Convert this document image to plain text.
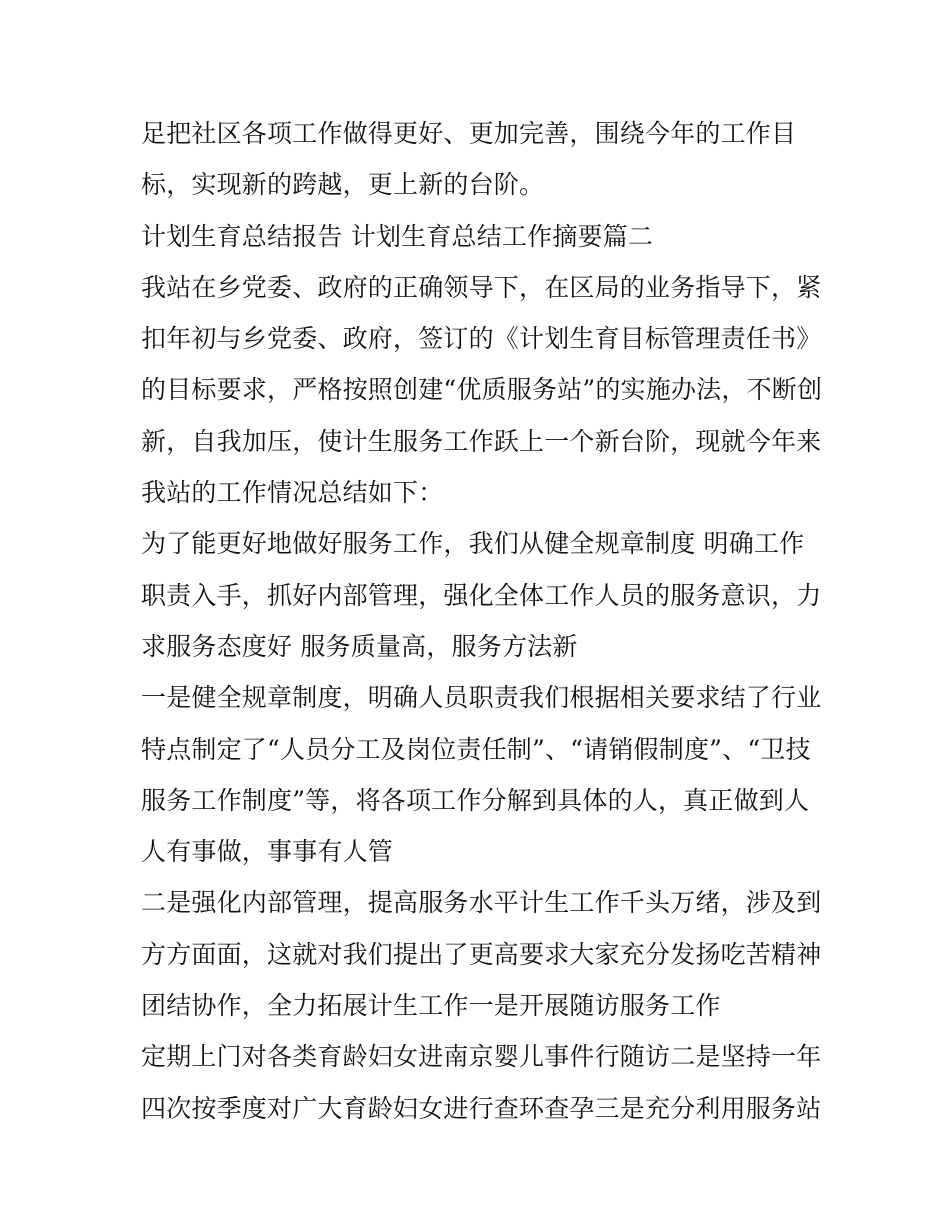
足把社区各项工作做得更好、更加完善，围绕今年的工作目
标，实现新的跨越，更上新的台阶。
计划生育总结报告 计划生育总结工作摘要篇二
我站在乡党委、政府的正确领导下，在区局的业务指导下，紧
扣年初与乡党委、政府，签订的《计划生育目标管理责任书》
的目标要求，严格按照创建“优质服务站”的实施办法，不断创
新，自我加压，使计生服务工作跃上一个新台阶，现就今年来
我站的工作情况总结如下：
为了能更好地做好服务工作，我们从健全规章制度 明确工作
职责入手，抓好内部管理，强化全体工作人员的服务意识，力
求服务态度好 服务质量高，服务方法新
一是健全规章制度，明确人员职责我们根据相关要求结了行业
特点制定了“人员分工及岗位责任制”、“请销假制度”、“卫技
服务工作制度”等，将各项工作分解到具体的人，真正做到人
人有事做，事事有人管
二是强化内部管理，提高服务水平计生工作千头万绪，涉及到
方方面面，这就对我们提出了更高要求大家充分发扬吃苦精神
团结协作，全力拓展计生工作一是开展随访服务工作
定期上门对各类育龄妇女进南京婴儿事件行随访二是坚持一年
四次按季度对广大育龄妇女进行查环查孕三是充分利用服务站
